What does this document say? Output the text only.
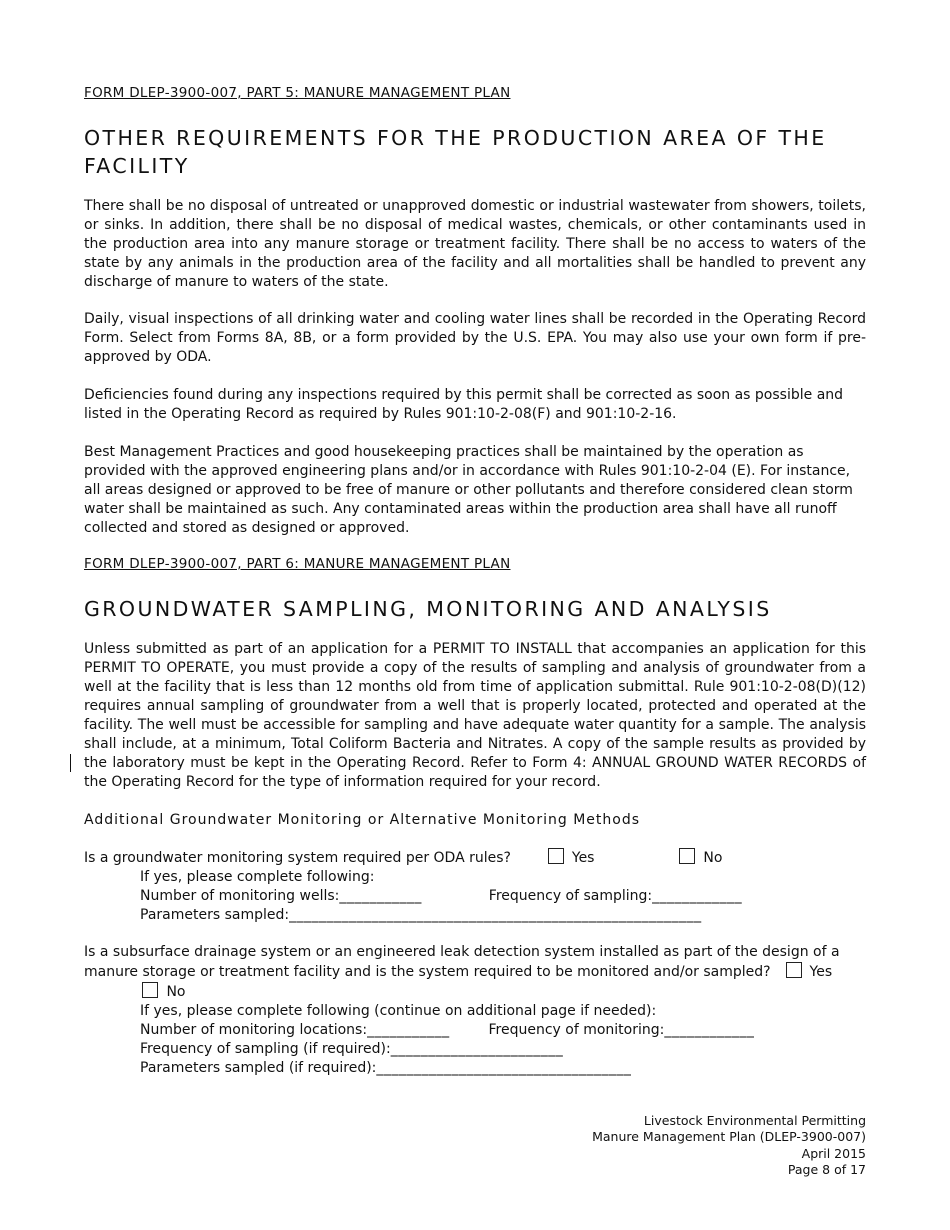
FORM DLEP-3900-007, PART 5: MANURE MANAGEMENT PLAN
OTHER REQUIREMENTS FOR THE PRODUCTION AREA OF THE FACILITY

There shall be no disposal of untreated or unapproved domestic or industrial wastewater from showers, toilets, or sinks. In addition, there shall be no disposal of medical wastes, chemicals, or other contaminants used in the production area into any manure storage or treatment facility. There shall be no access to waters of the state by any animals in the production area of the facility and all mortalities shall be handled to prevent any discharge of manure to waters of the state.

Daily, visual inspections of all drinking water and cooling water lines shall be recorded in the Operating Record Form. Select from Forms 8A, 8B, or a form provided by the U.S. EPA. You may also use your own form if pre-approved by ODA.

Deficiencies found during any inspections required by this permit shall be corrected as soon as possible and listed in the Operating Record as required by Rules 901:10-2-08(F) and 901:10-2-16.

Best Management Practices and good housekeeping practices shall be maintained by the operation as provided with the approved engineering plans and/or in accordance with Rules 901:10-2-04 (E). For instance, all areas designed or approved to be free of manure or other pollutants and therefore considered clean storm water shall be maintained as such. Any contaminated areas within the production area shall have all runoff collected and stored as designed or approved.

FORM DLEP-3900-007, PART 6: MANURE MANAGEMENT PLAN
GROUNDWATER SAMPLING, MONITORING AND ANALYSIS

Unless submitted as part of an application for a PERMIT TO INSTALL that accompanies an application for this PERMIT TO OPERATE, you must provide a copy of the results of sampling and analysis of groundwater from a well at the facility that is less than 12 months old from time of application submittal. Rule 901:10-2-08(D)(12) requires annual sampling of groundwater from a well that is properly located, protected and operated at the facility. The well must be accessible for sampling and have adequate water quantity for a sample. The analysis shall include, at a minimum, Total Coliform Bacteria and Nitrates. A copy of the sample results as provided by the laboratory must be kept in the Operating Record. Refer to Form 4: ANNUAL GROUND WATER RECORDS of the Operating Record for the type of information required for your record.

Additional Groundwater Monitoring or Alternative Monitoring Methods
Is a groundwater monitoring system required per ODA rules?	Yes	No
If yes, please complete following:
Number of monitoring wells:___________	Frequency of sampling:____________
Parameters sampled:_______________________________________________________

Is a subsurface drainage system or an engineered leak detection system installed as part of the design of a manure storage or treatment facility and is the system required to be monitored and/or sampled?	Yes  No

If yes, please complete following (continue on additional page if needed):
Number of monitoring locations:___________	Frequency of monitoring:____________
Frequency of sampling (if required):_______________________
Parameters sampled (if required):__________________________________
Livestock Environmental Permitting
Manure Management Plan (DLEP-3900-007)
April 2015
Page 8 of 17
